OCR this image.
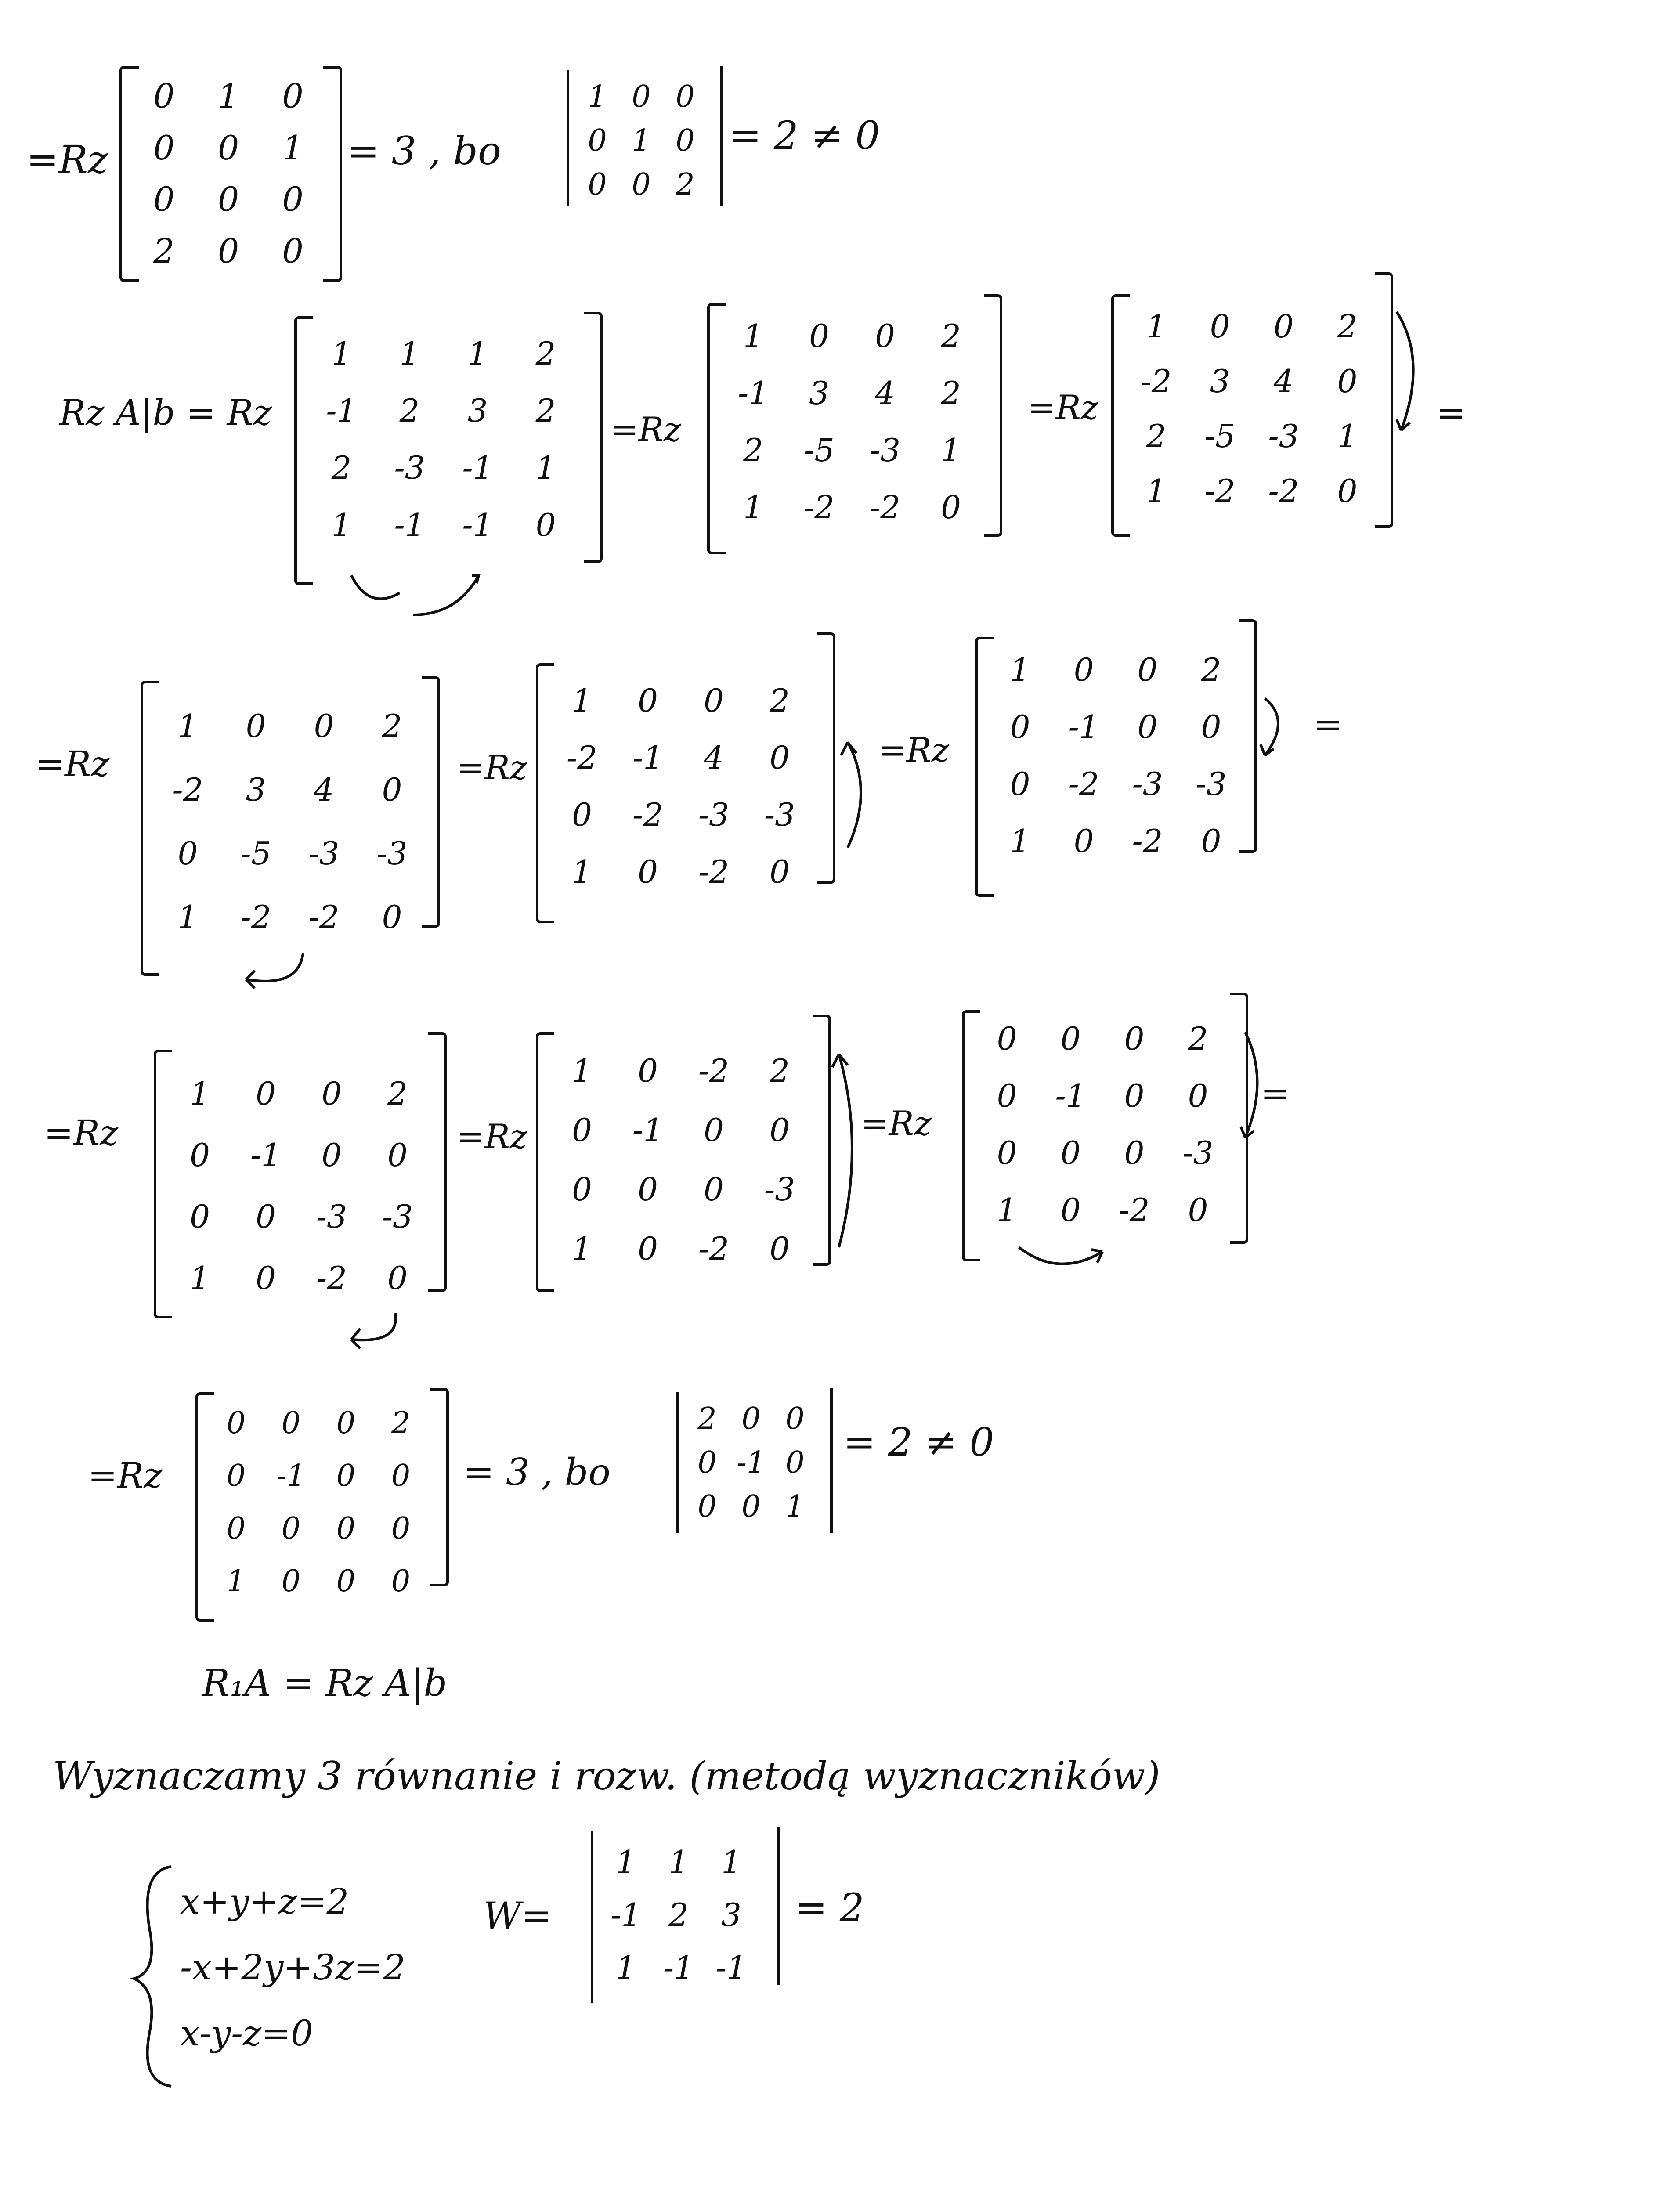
=Rz
0	1	0
0	0	1
0	0	0
2	0	0
= 3 , bo
1 0 0
0 1 0
0 0 2
= 2 ≠ 0
Rz A|b = Rz
1	1	1	2
-1	2	3	2
2	-3	-1	1
1	-1	-1	0
=Rz
1	0	0	2
-1	3	4	2
2	-5	-3	1
1	-2	-2	0
=Rz
1	0	0	2
-2	3	4	0
2	-5	-3	1
1	-2	-2	0
=
=Rz
1	0	0	2
-2	3	4	0
0	-5	-3	-3
1	-2	-2	0
=Rz
1	0	0	2
-2	-1	4	0
0	-2	-3	-3
1	0	-2	0
=Rz
1	0	0	2
0	-1	0	0
0	-2	-3	-3
1	0	-2	0
=
=Rz
1	0	0	2
0	-1	0	0
0	0	-3	-3
1	0	-2	0
=Rz
1	0	-2	2
0	-1	0	0
0	0	0	-3
1	0	-2	0
=Rz
0	0	0	2
0	-1	0	0
0	0	0	-3
1	0	-2	0
=
=Rz
0	0	0	2
0	-1	0	0
0	0	0	0
1	0	0	0
= 3 , bo
2 0 0
0 -1 0
0 0 1
= 2 ≠ 0
R₁A = Rz A|b
Wyznaczamy 3 równanie i rozw. (metodą wyznaczników)
x+y+z=2
-x+2y+3z=2
x-y-z=0
W=
1	1	1
-1 2	3
1 -1 -1
= 2
